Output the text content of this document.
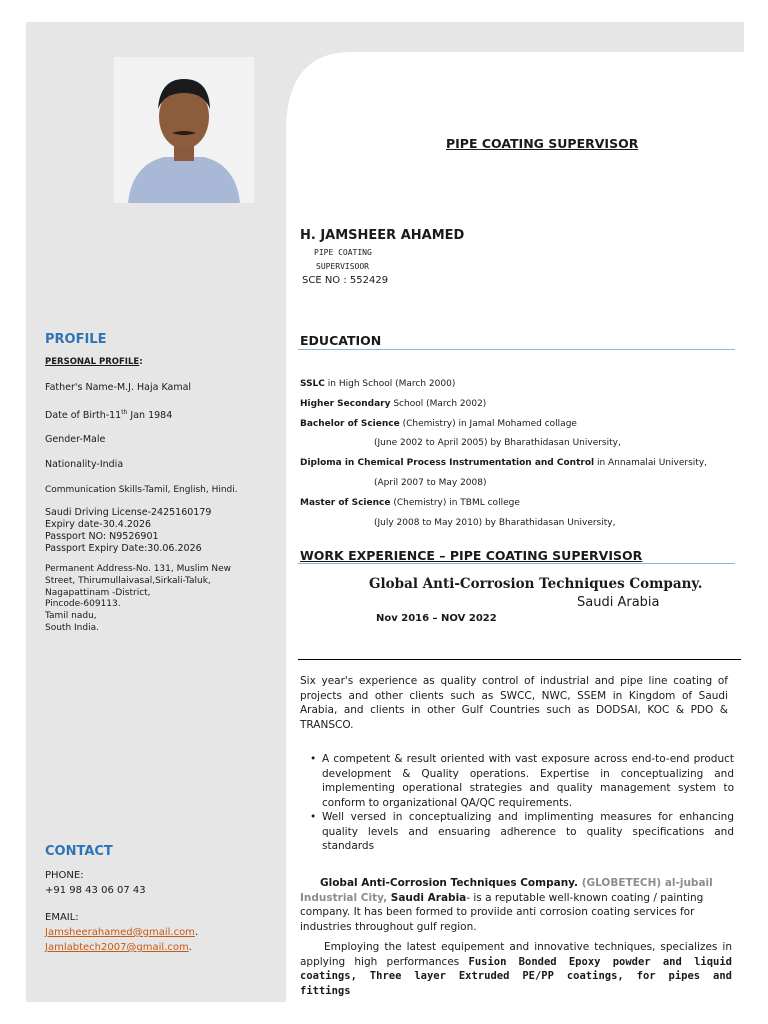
PIPE COATING SUPERVISOR
H. JAMSHEER AHAMED
PIPE COATING
SUPERVISOOR
SCE NO : 552429
PROFILE
PERSONAL PROFILE:
Father's Name-M.J. Haja Kamal
Date of Birth-11th Jan 1984
Gender-Male
Nationality-India
Communication Skills-Tamil, English, Hindi.
Saudi Driving License-2425160179
Expiry date-30.4.2026
Passport NO: N9526901
Passport Expiry Date:30.06.2026
Permanent Address-No. 131, Muslim New
Street, Thirumullaivasal,Sirkali-Taluk,
Nagapattinam -District,
Pincode-609113.
Tamil nadu,
South India.
CONTACT
PHONE:
+91 98 43 06 07 43
EMAIL:
Jamsheerahamed@gmail.com.
Jamlabtech2007@gmail.com.
EDUCATION
SSLC in High School (March 2000)
Higher Secondary School (March 2002)
Bachelor of Science (Chemistry) in Jamal Mohamed collage
(June 2002 to April 2005) by Bharathidasan University,
Diploma in Chemical Process Instrumentation and Control in Annamalai University,
(April 2007 to May 2008)
Master of Science (Chemistry) in TBML college
(July 2008 to May 2010) by Bharathidasan University,
WORK EXPERIENCE – PIPE COATING SUPERVISOR
Global Anti-Corrosion Techniques Company.
Saudi Arabia
Nov 2016 – NOV 2022
Six year's experience as quality control of industrial and pipe line coating of projects and other clients such as SWCC, NWC, SSEM in Kingdom of Saudi Arabia, and clients in other Gulf Countries such as DODSAI, KOC & PDO & TRANSCO.
• A competent & result oriented with vast exposure across end-to-end product development & Quality operations. Expertise in conceptualizing and implementing operational strategies and quality management system to conform to organizational QA/QC requirements.
• Well versed in conceptualizing and implimenting measures for enhancing quality levels and ensuaring adherence to quality specifications and standards
Global Anti-Corrosion Techniques Company. (GLOBETECH) al-jubail Industrial City, Saudi Arabia- is a reputable well-known coating / painting company. It has been formed to proviide anti corrosion coating services for industries throughout gulf region.
Employing the latest equipement and innovative techniques, specializes in applying high performances Fusion Bonded Epoxy powder and liquid coatings, Three layer Extruded PE/PP coatings, for pipes and fittings
